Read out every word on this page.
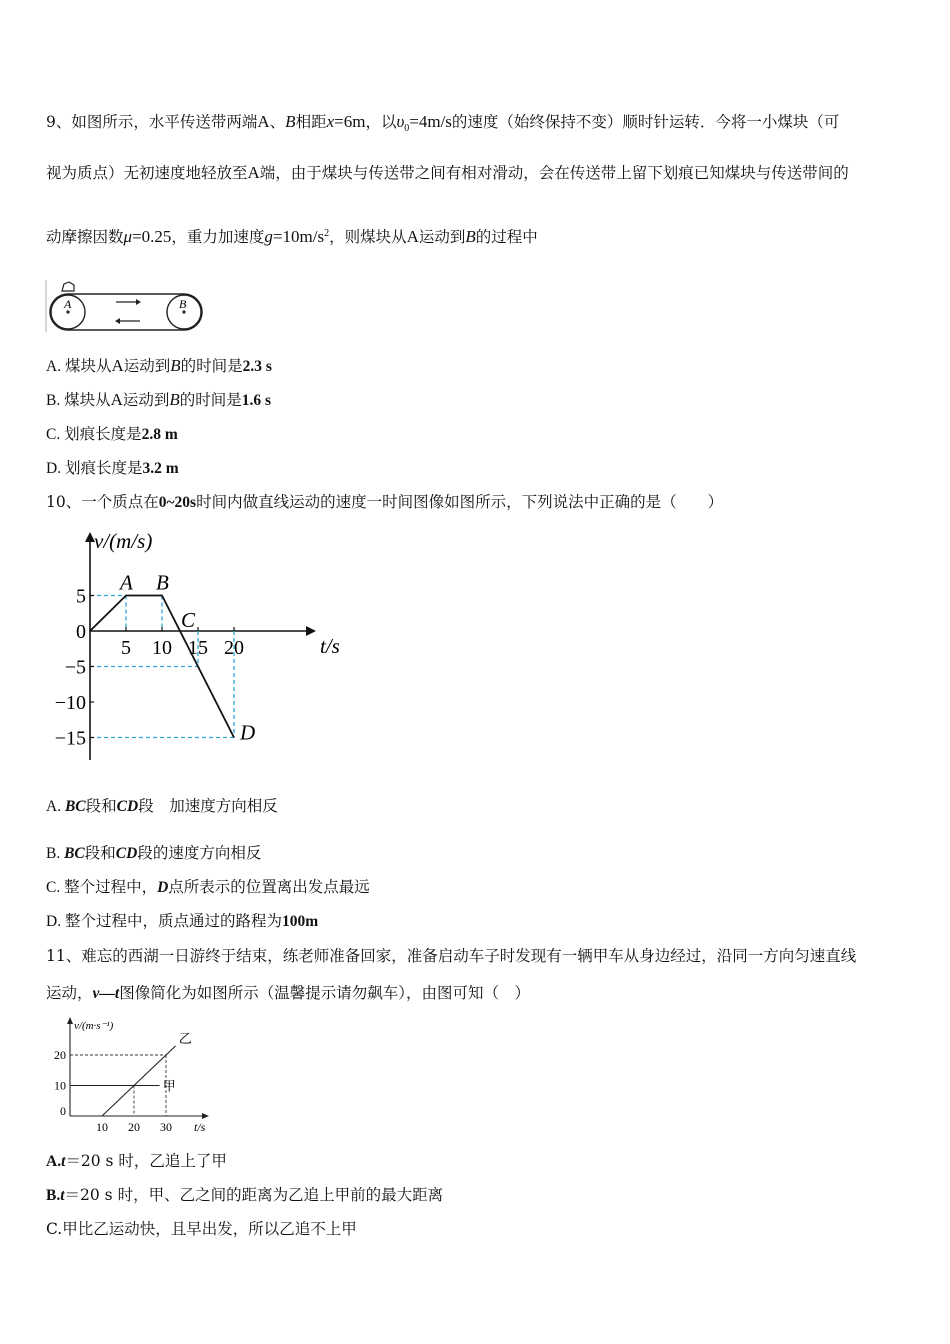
9、如图所示，水平传送带两端A、B相距x=6m，以$\upsilon_0=4m/s$的速度（始终保持不变）顺时针运转．今将一小煤块（可
视为质点）无初速度地轻放至A端，由于煤块与传送带之间有相对滑动，会在传送带上留下划痕已知煤块与传送带间的
动摩擦因数μ=0.25，重力加速度$g=10m/s^2$，则煤块从A运动到B的过程中
A	B
A. 煤块从A运动到B的时间是2.3 s
B. 煤块从A运动到B的时间是1.6 s
C. 划痕长度是2.8 m
D. 划痕长度是3.2 m
10、一个质点在0~20s时间内做直线运动的速度一时间图像如图所示，下列说法中正确的是（　　）
5 10 15 20
5
0
−5
−10
−15
A B
C
D
v/(m/s)
t/s
A. BC段和CD段　加速度方向相反
B. BC段和CD段的速度方向相反
C. 整个过程中，D点所表示的位置离出发点最远
D. 整个过程中，质点通过的路程为100m
11、难忘的西湖一日游终于结束，练老师准备回家，准备启动车子时发现有一辆甲车从身边经过，沿同一方向匀速直线
运动，v—t图像简化为如图所示（温馨提示请勿飙车），由图可知（　）
甲
乙
10 20 30
20
10
0
v/(m·s⁻¹)
t/s
A.t＝20 s 时，乙追上了甲
B.t＝20 s 时，甲、乙之间的距离为乙追上甲前的最大距离
C.甲比乙运动快，且早出发，所以乙追不上甲
